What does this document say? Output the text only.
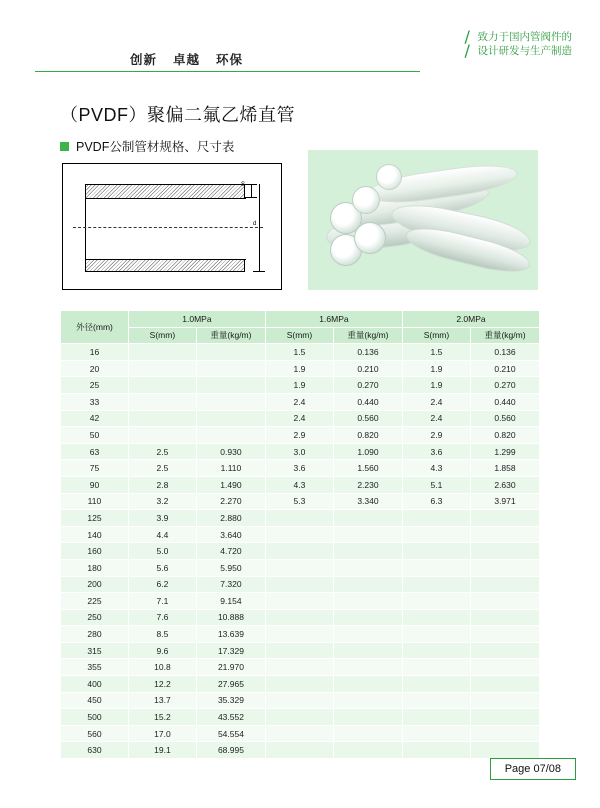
创新 卓越 环保
/
/
致力于国内管阀件的
设计研发与生产制造
（PVDF）聚偏二氟乙烯直管
PVDF公制管材规格、尺寸表
S
d
外径(mm)	1.0MPa		1.6MPa		2.0MPa	
	S(mm)	重量(kg/m)	S(mm)	重量(kg/m)	S(mm)	重量(kg/m)
16			1.5	0.136	1.5	0.136
20			1.9	0.210	1.9	0.210
25			1.9	0.270	1.9	0.270
33			2.4	0.440	2.4	0.440
42			2.4	0.560	2.4	0.560
50			2.9	0.820	2.9	0.820
63	2.5	0.930	3.0	1.090	3.6	1.299
75	2.5	1.110	3.6	1.560	4.3	1.858
90	2.8	1.490	4.3	2.230	5.1	2.630
110	3.2	2.270	5.3	3.340	6.3	3.971
125	3.9	2.880				
140	4.4	3.640				
160	5.0	4.720				
180	5.6	5.950				
200	6.2	7.320				
225	7.1	9.154				
250	7.6	10.888				
280	8.5	13.639				
315	9.6	17.329				
355	10.8	21.970				
400	12.2	27.965				
450	13.7	35.329				
500	15.2	43.552				
560	17.0	54.554				
630	19.1	68.995				
Page 07/08
